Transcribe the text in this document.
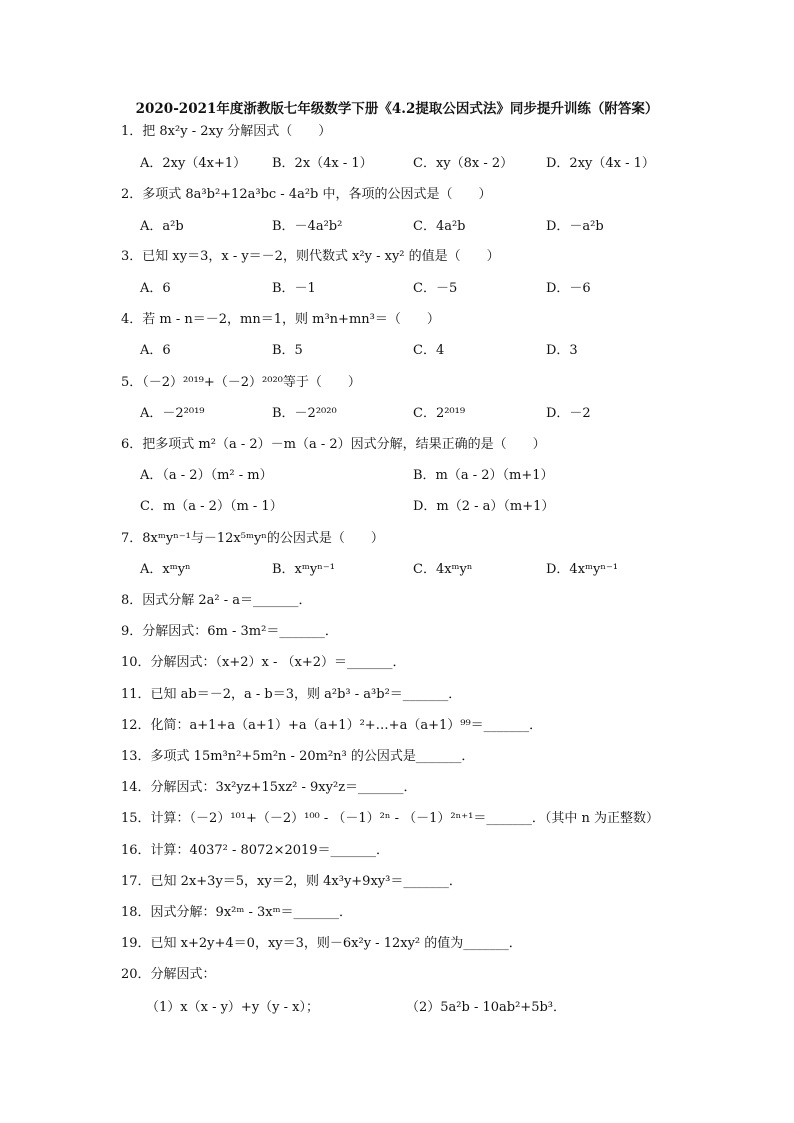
2020-2021年度浙教版七年级数学下册《4.2提取公因式法》同步提升训练（附答案）
1．把 8x²y - 2xy 分解因式（　　）
A．2xy（4x+1） B．2x（4x - 1）	C．xy（8x - 2）	D．2xy（4x - 1）
2．多项式 8a³b²+12a³bc - 4a²b 中，各项的公因式是（　　）
A．a²b	B．－4a²b²	C．4a²b	D．－a²b
3．已知 xy＝3，x - y＝－2，则代数式 x²y - xy² 的值是（　　）
A．6	B．－1	C．－5	D．－6
4．若 m - n＝－2，mn＝1，则 m³n+mn³＝（　　）
A．6	B．5	C．4	D．3
5．（－2）²⁰¹⁹+（－2）²⁰²⁰等于（　　）
A．－2²⁰¹⁹	B．－2²⁰²⁰	C．2²⁰¹⁹	D．－2
6．把多项式 m²（a - 2）－m（a - 2）因式分解，结果正确的是（　　）
A．（a - 2）（m² - m）	B．m（a - 2）（m+1）
C．m（a - 2）（m - 1）	D．m（2 - a）（m+1）
7．8xᵐyⁿ⁻¹与－12x⁵ᵐyⁿ的公因式是（　　）
A．xᵐyⁿ	B．xᵐyⁿ⁻¹	C．4xᵐyⁿ	D．4xᵐyⁿ⁻¹
8．因式分解 2a² - a＝_______．
9．分解因式：6m - 3m²＝_______．
10．分解因式：（x+2）x - （x+2）＝_______．
11．已知 ab＝－2，a - b＝3，则 a²b³ - a³b²＝_______．
12．化简：a+1+a（a+1）+a（a+1）²+…+a（a+1）⁹⁹＝_______．
13．多项式 15m³n²+5m²n - 20m²n³ 的公因式是_______．
14．分解因式：3x²yz+15xz² - 9xy²z＝_______．
15．计算：（－2）¹⁰¹+（－2）¹⁰⁰ - （－1）²ⁿ - （－1）²ⁿ⁺¹＝_______．（其中 n 为正整数）
16．计算：4037² - 8072×2019＝_______．
17．已知 2x+3y＝5，xy＝2，则 4x³y+9xy³＝_______．
18．因式分解：9x²ᵐ - 3xᵐ＝_______．
19．已知 x+2y+4＝0，xy＝3，则－6x²y - 12xy² 的值为_______．
20．分解因式：
（1）x（x - y）+y（y - x）；	（2）5a²b - 10ab²+5b³．
